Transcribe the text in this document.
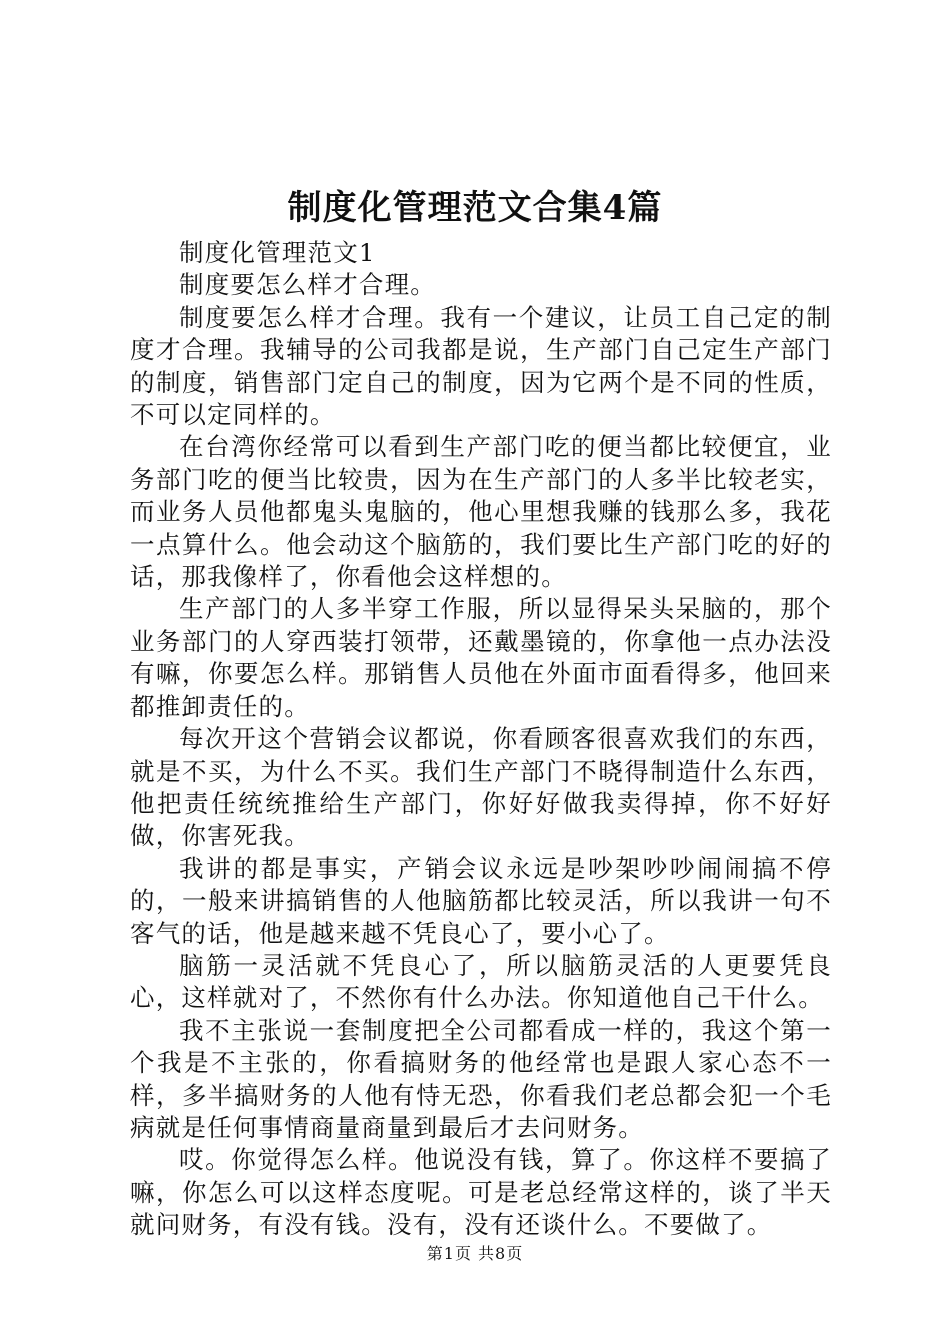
制度化管理范文合集4篇

制度化管理范文1

制度要怎么样才合理。

制度要怎么样才合理。我有一个建议，让员工自己定的制度才合理。我辅导的公司我都是说，生产部门自己定生产部门的制度，销售部门定自己的制度，因为它两个是不同的性质，不可以定同样的。

在台湾你经常可以看到生产部门吃的便当都比较便宜，业务部门吃的便当比较贵，因为在生产部门的人多半比较老实，而业务人员他都鬼头鬼脑的，他心里想我赚的钱那么多，我花一点算什么。他会动这个脑筋的，我们要比生产部门吃的好的话，那我像样了，你看他会这样想的。

生产部门的人多半穿工作服，所以显得呆头呆脑的，那个业务部门的人穿西装打领带，还戴墨镜的，你拿他一点办法没有嘛，你要怎么样。那销售人员他在外面市面看得多，他回来都推卸责任的。

每次开这个营销会议都说，你看顾客很喜欢我们的东西，就是不买，为什么不买。我们生产部门不晓得制造什么东西，他把责任统统推给生产部门，你好好做我卖得掉，你不好好做，你害死我。

我讲的都是事实，产销会议永远是吵架吵吵闹闹搞不停的，一般来讲搞销售的人他脑筋都比较灵活，所以我讲一句不客气的话，他是越来越不凭良心了，要小心了。

脑筋一灵活就不凭良心了，所以脑筋灵活的人更要凭良心，这样就对了，不然你有什么办法。你知道他自己干什么。

我不主张说一套制度把全公司都看成一样的，我这个第一个我是不主张的，你看搞财务的他经常也是跟人家心态不一样，多半搞财务的人他有恃无恐，你看我们老总都会犯一个毛病就是任何事情商量商量到最后才去问财务。

哎。你觉得怎么样。他说没有钱，算了。你这样不要搞了嘛，你怎么可以这样态度呢。可是老总经常这样的，谈了半天就问财务，有没有钱。没有，没有还谈什么。不要做了。

第1页 共8页
